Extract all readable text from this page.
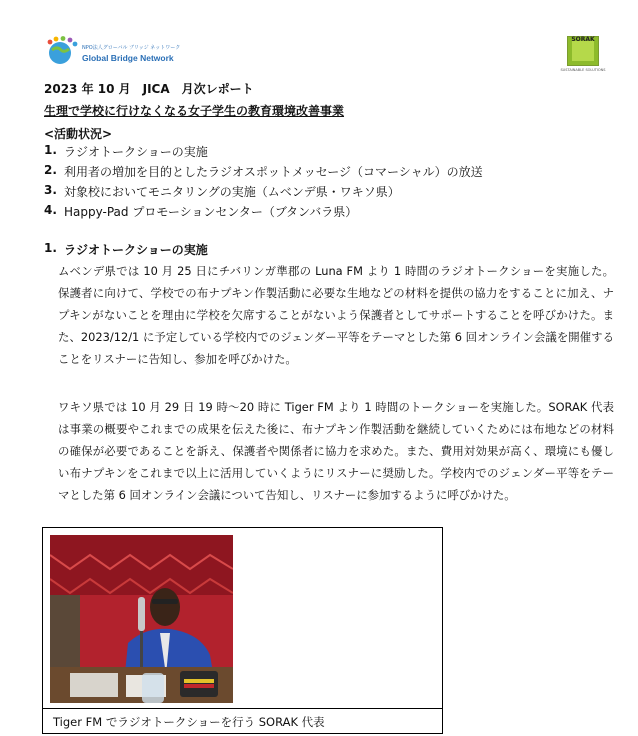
NPO法人グローバル ブリッジ ネットワーク
Global Bridge Network
SORAK
SUSTAINABLE SOLUTIONS
2023 年 10 月　JICA　月次レポート
生理で学校に行けなくなる女子学生の教育環境改善事業
<活動状況>
1. ラジオトークショーの実施
2. 利用者の増加を目的としたラジオスポットメッセージ（コマーシャル）の放送
3. 対象校においてモニタリングの実施（ムベンデ県・ワキソ県）
4. Happy-Pad プロモーションセンター（ブタンバラ県）
1. ラジオトークショーの実施

ムベンデ県では 10 月 25 日にチバリンガ準郡の Luna FM より 1 時間のラジオトークショーを実施した。保護者に向けて、学校での布ナプキン作製活動に必要な生地などの材料を提供の協力をすることに加え、ナプキンがないことを理由に学校を欠席することがないよう保護者としてサポートすることを呼びかけた。また、2023/12/1 に予定している学校内でのジェンダー平等をテーマとした第 6 回オンライン会議を開催することをリスナーに告知し、参加を呼びかけた。

ワキソ県では 10 月 29 日 19 時～20 時に Tiger FM より 1 時間のトークショーを実施した。SORAK 代表は事業の概要やこれまでの成果を伝えた後に、布ナプキン作製活動を継続していくためには布地などの材料の確保が必要であることを訴え、保護者や関係者に協力を求めた。また、費用対効果が高く、環境にも優しい布ナプキンをこれまで以上に活用していくようにリスナーに奨励した。学校内でのジェンダー平等をテーマとした第 6 回オンライン会議について告知し、リスナーに参加するように呼びかけた。

Tiger FM でラジオトークショーを行う SORAK 代表
